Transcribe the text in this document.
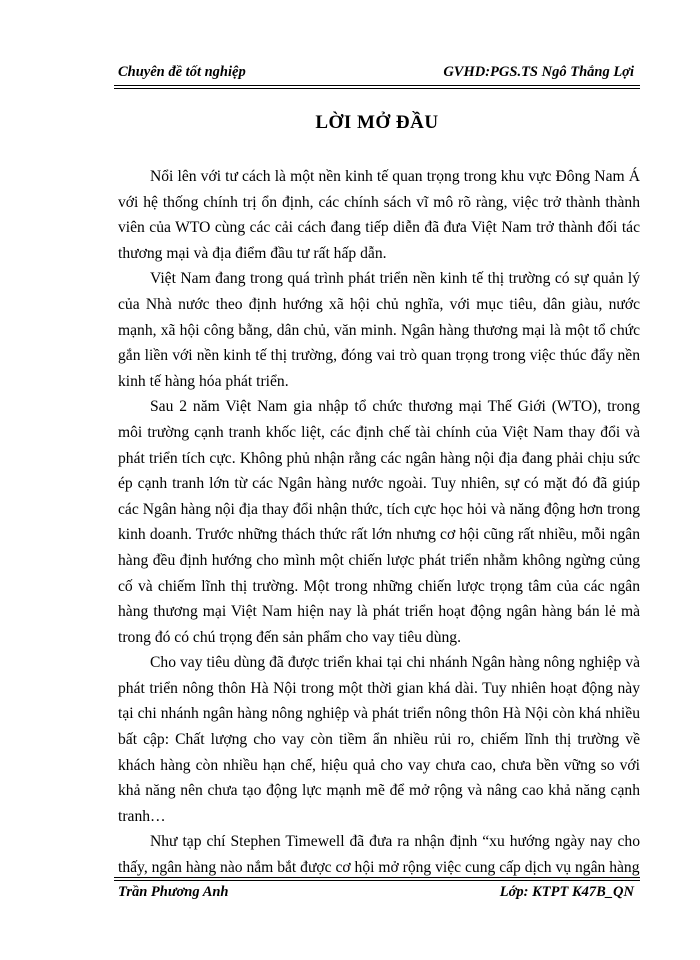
Chuyên đề tốt nghiệp	GVHD:PGS.TS Ngô Thắng Lợi
LỜI MỞ ĐẦU

Nổi lên với tư cách là một nền kinh tế quan trọng trong khu vực Đông Nam Á với hệ thống chính trị ổn định, các chính sách vĩ mô rõ ràng, việc trở thành thành viên của WTO cùng các cải cách đang tiếp diễn đã đưa Việt Nam trở thành đối tác thương mại và địa điểm đầu tư rất hấp dẫn.

Việt Nam đang trong quá trình phát triển nền kinh tế thị trường có sự quản lý của Nhà nước theo định hướng xã hội chủ nghĩa, với mục tiêu, dân giàu, nước mạnh, xã hội công bằng, dân chủ, văn minh. Ngân hàng thương mại là một tổ chức gắn liền với nền kinh tế thị trường, đóng vai trò quan trọng trong việc thúc đẩy nền kinh tế hàng hóa phát triển.

Sau 2 năm Việt Nam gia nhập tổ chức thương mại Thế Giới (WTO), trong môi trường cạnh tranh khốc liệt, các định chế tài chính của Việt Nam thay đổi và phát triển tích cực. Không phủ nhận rằng các ngân hàng nội địa đang phải chịu sức ép cạnh tranh lớn từ các Ngân hàng nước ngoài. Tuy nhiên, sự có mặt đó đã giúp các Ngân hàng nội địa thay đổi nhận thức, tích cực học hỏi và năng động hơn trong kinh doanh. Trước những thách thức rất lớn nhưng cơ hội cũng rất nhiều, mỗi ngân hàng đều định hướng cho mình một chiến lược phát triển nhằm không ngừng củng cố và chiếm lĩnh thị trường. Một trong những chiến lược trọng tâm của các ngân hàng thương mại Việt Nam hiện nay là phát triển hoạt động ngân hàng bán lẻ mà trong đó có chú trọng đến sản phẩm cho vay tiêu dùng.

Cho vay tiêu dùng đã được triển khai tại chi nhánh Ngân hàng nông nghiệp và phát triển nông thôn Hà Nội trong một thời gian khá dài. Tuy nhiên hoạt động này tại chi nhánh ngân hàng nông nghiệp và phát triển nông thôn Hà Nội còn khá nhiều bất cập: Chất lượng cho vay còn tiềm ẩn nhiều rủi ro, chiếm lĩnh thị trường về khách hàng còn nhiều hạn chế, hiệu quả cho vay chưa cao, chưa bền vững so với khả năng nên chưa tạo động lực mạnh mẽ để mở rộng và nâng cao khả năng cạnh tranh…

Như tạp chí Stephen Timewell đã đưa ra nhận định “xu hướng ngày nay cho thấy, ngân hàng nào nắm bắt được cơ hội mở rộng việc cung cấp dịch vụ ngân hàng

Trần Phương Anh	Lớp: KTPT K47B_QN
